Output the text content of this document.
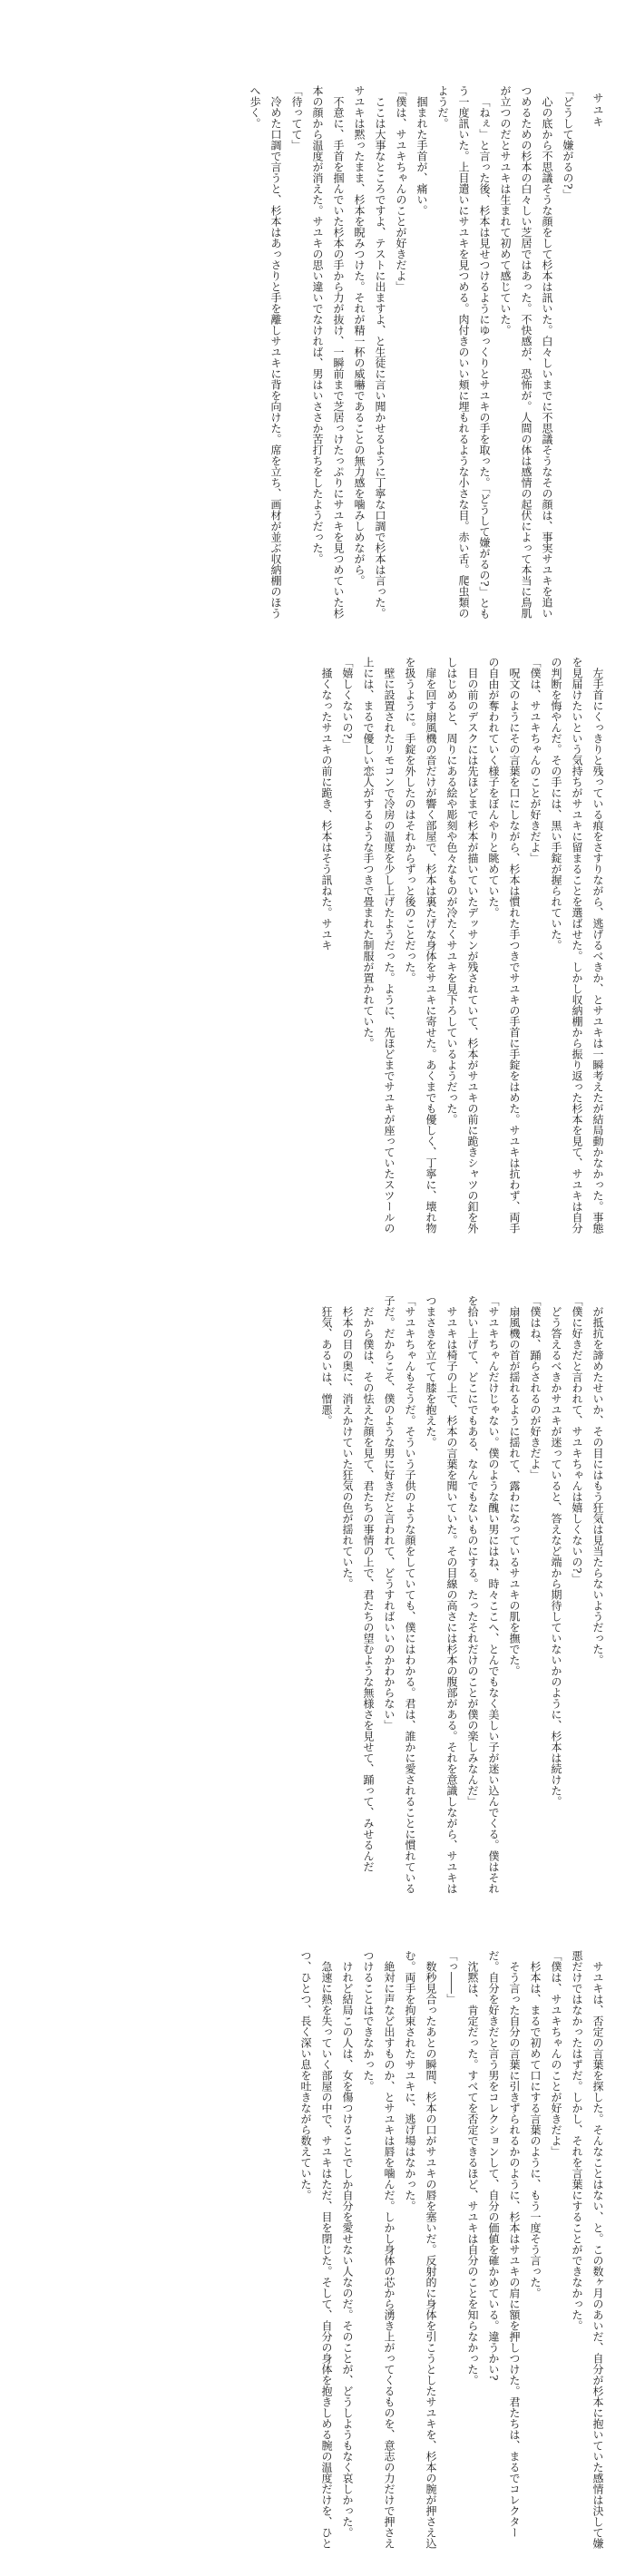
サユキ

「どうして嫌がるの?」

心の底から不思議そうな顔をして杉本は訊いた。白々しいまでに不思議そうなその顔は、事実サユキを追いつめるための杉本の白々しい芝居ではあった。不快感が、恐怖が。人間の体は感情の起伏によって本当に鳥肌が立つのだとサユキは生まれて初めて感じていた。

「ねぇ」と言った後、杉本は見せつけるようにゆっくりとサユキの手を取った。「どうして嫌がるの?」ともう一度訊いた。上目遣いにサユキを見つめる。肉付きのいい頬に埋もれるような小さな目。赤い舌。爬虫類のようだ。

掴まれた手首が、痛い。

「僕は、サユキちゃんのことが好きだよ」

ここは大事なところですよ、テストに出ますよ、と生徒に言い聞かせるように丁寧な口調で杉本は言った。サユキは黙ったまま、杉本を睨みつけた。それが精一杯の威嚇であることの無力感を噛みしめながら。

不意に、手首を掴んでいた杉本の手から力が抜け、一瞬前まで芝居っけたっぷりにサユキを見つめていた杉本の顔から温度が消えた。サユキの思い違いでなければ、男はいささか苦打ちをしたようだった。

「待ってて」

冷めた口調で言うと、杉本はあっさりと手を離しサユキに背を向けた。席を立ち、画材が並ぶ収納棚のほうへ歩く。

左手首にくっきりと残っている痕をさすりながら、逃げるべきか、とサユキは一瞬考えたが結局動かなかった。事態を見届けたいという気持ちがサユキに留まることを選ばせた。しかし収納棚から振り返った杉本を見て、サユキは自分の判断を悔やんだ。その手には、黒い手錠が握られていた。

「僕は、サユキちゃんのことが好きだよ」

呪文のようにその言葉を口にしながら、杉本は慣れた手つきでサユキの手首に手錠をはめた。サユキは抗わず、両手の自由が奪われていく様子をぼんやりと眺めていた。

目の前のデスクには先ほどまで杉本が描いていたデッサンが残されていて、杉本がサユキの前に跪きシャツの釦を外しはじめると、周りにある絵や彫刻や色々なものが冷たくサユキを見下ろしているようだった。

扉を回す扇風機の音だけが響く部屋で、杉本は裏たげな身体をサユキに寄せた。あくまでも優しく、丁寧に、壊れ物を扱うように。手錠を外したのはそれからずっと後のことだった。

壁に設置されたリモコンで冷房の温度を少し上げたようだった。ように、先ほどまでサユキが座っていたスツールの上には、まるで優しい恋人がするような手つきで畳まれた制服が置かれていた。

「嬉しくないの?」

掻くなったサユキの前に跪き、杉本はそう訊ねた。サユキ

が抵抗を諦めたせいか、その目にはもう狂気は見当たらないようだった。

「僕に好きだと言われて、サユキちゃんは嬉しくないの?」

どう答えるべきかサユキが迷っていると、答えなど端から期待していないかのように、杉本は続けた。

「僕はね、踊らされるのが好きだよ」

扇風機の首が揺れるように揺れて、露わになっているサユキの肌を撫でた。

「サユキちゃんだけじゃない。僕のような醜い男にはね、時々ここへ、とんでもなく美しい子が迷い込んでくる。僕はそれを拾い上げて、どこにでもある、なんでもないものにする。たったそれだけのことが僕の楽しみなんだ」

サユキは椅子の上で、杉本の言葉を聞いていた。その目線の高さには杉本の腹部がある。それを意識しながら、サユキはつまさきを立てて膝を抱えた。

「サユキちゃんもそうだ。そういう子供のような顔をしていても、僕にはわかる。君は、誰かに愛されることに慣れている子だ。だからこそ、僕のような男に好きだと言われて、どうすればいいのかわからない」

だから僕は、その怯えた顔を見て、君たちの事情の上で、君たちの望むような無様さを見せて、踊って、みせるんだ

杉本の目の奥に、消えかけていた狂気の色が揺れていた。

狂気、あるいは、憎悪。

サユキは、否定の言葉を探した。そんなことはない、と。この数ヶ月のあいだ、自分が杉本に抱いていた感情は決して嫌悪だけではなかったはずだ。しかし、それを言葉にすることができなかった。

「僕は、サユキちゃんのことが好きだよ」

杉本は、まるで初めて口にする言葉のように、もう一度そう言った。

そう言った自分の言葉に引きずられるかのように、杉本はサユキの肩に額を押しつけた。君たちは、まるでコレクターだ。自分を好きだと言う男をコレクションして、自分の価値を確かめている。違うかい?

沈黙は、肯定だった。すべてを否定できるほど、サユキは自分のことを知らなかった。

「っ――」

数秒見合ったあとの瞬間、杉本の口がサユキの唇を塞いだ。反射的に身体を引こうとしたサユキを、杉本の腕が押さえ込む。両手を拘束されたサユキに、逃げ場はなかった。

絶対に声など出すものか、とサユキは唇を噛んだ。しかし身体の芯から湧き上がってくるものを、意志の力だけで押さえつけることはできなかった。

けれど結局この人は、女を傷つけることでしか自分を愛せない人なのだ。そのことが、どうしようもなく哀しかった。

急速に熱を失っていく部屋の中で、サユキはただ、目を閉じた。そして、自分の身体を抱きしめる腕の温度だけを、ひとつ、ひとつ、長く深い息を吐きながら数えていた。
